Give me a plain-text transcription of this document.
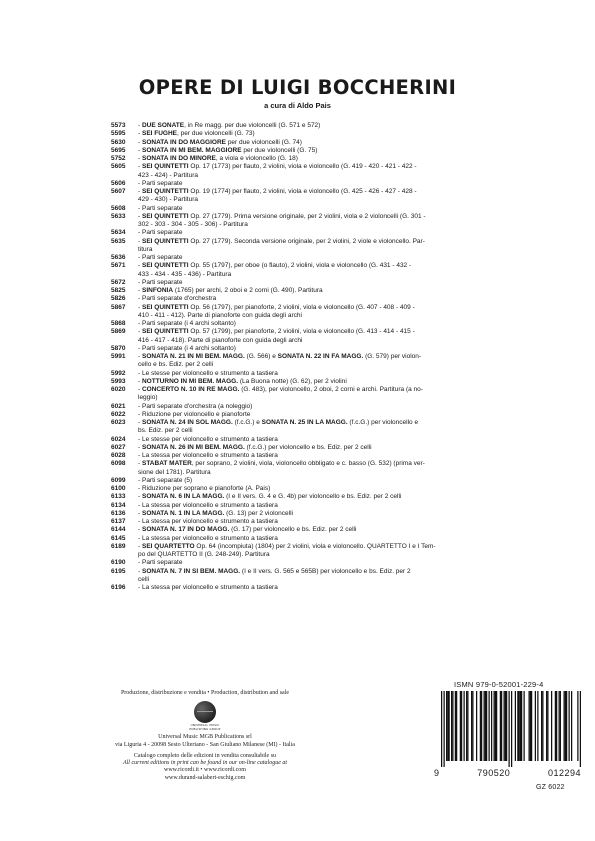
OPERE DI LUIGI BOCCHERINI
a cura di Aldo Pais
5573	- DUE SONATE, in Re magg. per due violoncelli (G. 571 e 572)
5595	- SEI FUGHE, per due violoncelli (G. 73)
5630	- SONATA IN DO MAGGIORE per due violoncelli (G. 74)
5695	- SONATA IN MI BEM. MAGGIORE per due violoncelli (G. 75)
5752	- SONATA IN DO MINORE, a viola e violoncello (G. 18)
5605	- SEI QUINTETTI Op. 17 (1773) per flauto, 2 violini, viola e violoncello (G. 419 - 420 - 421 - 422 -
423 - 424) - Partitura
5606	- Parti separate
5607	- SEI QUINTETTI Op. 19 (1774) per flauto, 2 violini, viola e violoncello (G. 425 - 426 - 427 - 428 -
429 - 430) - Partitura
5608	- Parti separate
5633	- SEI QUINTETTI Op. 27 (1779). Prima versione originale, per 2 violini, viola e 2 violoncelli (G. 301 -
302 - 303 - 304 - 305 - 306) - Partitura
5634	- Parti separate
5635	- SEI QUINTETTI Op. 27 (1779). Seconda versione originale, per 2 violini, 2 viole e violoncello. Par-
titura
5636	- Parti separate
5671	- SEI QUINTETTI Op. 55 (1797), per oboe (o flauto), 2 violini, viola e violoncello (G. 431 - 432 -
433 - 434 - 435 - 436) - Partitura
5672	- Parti separate
5825	- SINFONIA (1765) per archi, 2 oboi e 2 corni (G. 490). Partitura
5826	- Parti separate d'orchestra
5867	- SEI QUINTETTI Op. 56 (1797), per pianoforte, 2 violini, viola e violoncello (G. 407 - 408 - 409 -
410 - 411 - 412). Parte di pianoforte con guida degli archi
5868	- Parti separate (i 4 archi soltanto)
5869	- SEI QUINTETTI Op. 57 (1799), per pianoforte, 2 violini, viola e violoncello (G. 413 - 414 - 415 -
416 - 417 - 418). Parte di pianoforte con guida degli archi
5870	- Parti separate (i 4 archi soltanto)
5991	- SONATA N. 21 IN MI BEM. MAGG. (G. 566) e SONATA N. 22 IN FA MAGG. (G. 579) per violon-
cello e bs. Ediz. per 2 celli
5992	- Le stesse per violoncello e strumento a tastiera
5993	- NOTTURNO IN MI BEM. MAGG. (La Buona notte) (G. 62), per 2 violini
6020	- CONCERTO N. 10 IN RE MAGG. (G. 483), per violoncello, 2 oboi, 2 corni e archi. Partitura (a no-
leggio)
6021	- Parti separate d'orchestra (a noleggio)
6022	- Riduzione per violoncello e pianoforte
6023	- SONATA N. 24 IN SOL MAGG. (f.c.G.) e SONATA N. 25 IN LA MAGG. (f.c.G.) per violoncello e
bs. Ediz. per 2 celli
6024	- Le stesse per violoncello e strumento a tastiera
6027	- SONATA N. 26 IN MI BEM. MAGG. (f.c.G.) per violoncello e bs. Ediz. per 2 celli
6028	- La stessa per violoncello e strumento a tastiera
6098	- STABAT MATER, per soprano, 2 violini, viola, violoncello obbligato e c. basso (G. 532) (prima ver-
sione del 1781). Partitura
6099	- Parti separate (5)
6100	- Riduzione per soprano e pianoforte (A. Pais)
6133	- SONATA N. 6 IN LA MAGG. (I e II vers. G. 4 e G. 4b) per violoncello e bs. Ediz. per 2 celli
6134	- La stessa per violoncello e strumento a tastiera
6136	- SONATA N. 1 IN LA MAGG. (G. 13) per 2 violoncelli
6137	- La stessa per violoncello e strumento a tastiera
6144	- SONATA N. 17 IN DO MAGG. (G. 17) per violoncello e bs. Ediz. per 2 celli
6145	- La stessa per violoncello e strumento a tastiera
6189	- SEI QUARTETTO Op. 64 (incompiuta) (1804) per 2 violini, viola e violoncello. QUARTETTO I e I Tem-
po del QUARTETTO II (G. 248-249). Partitura
6190	- Parti separate
6195	- SONATA N. 7 IN SI BEM. MAGG. (I e II vers. G. 565 e 565B) per violoncello e bs. Ediz. per 2
celli
6196	- La stessa per violoncello e strumento a tastiera
Produzione, distribuzione e vendita • Production, distribution and sale
UNIVERSAL MUSIC
PUBLISHING GROUP
Universal Music MGB Publications srl
via Liguria 4 - 20098 Sesto Ulteriano - San Giuliano Milanese (MI) - Italia
Catalogo completo delle edizioni in vendita consultabile su
All current editions in print can be found in our on-line catalogue at
www.ricordi.it • www.ricordi.com
www.durand-salabert-eschig.com
ISMN 979-0-52001-229-4
9	790520	012294
GZ 6022
